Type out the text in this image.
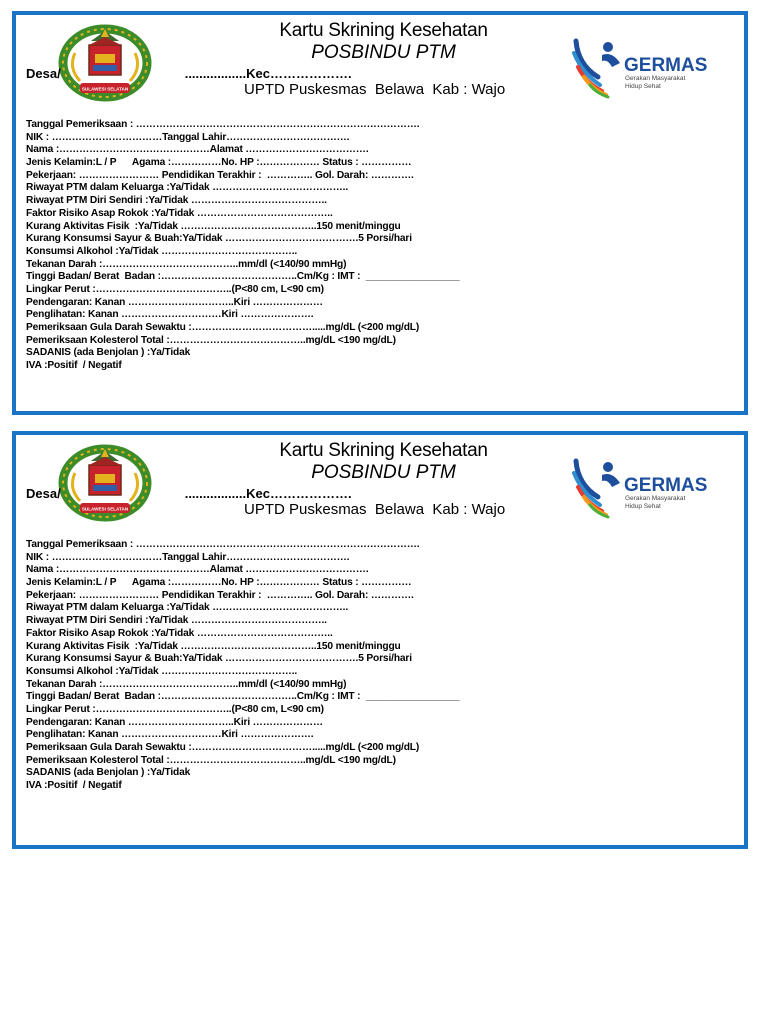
SULAWESI SELATAN
Kartu Skrining Kesehatan
POSBINDU PTM
GERMAS
Gerakan Masyarakat
Hidup Sehat
Desa/	.................Kec……………….
UPTD Puskesmas  Belawa  Kab : Wajo
Tanggal Pemeriksaan : ………………………………………………………………………….
NIK : ……………………………Tanggal Lahir……………………………….
Nama :………………………………………Alamat ……………………………….
Jenis Kelamin:L / P      Agama :……………No. HP :……………… Status : ……………
Pekerjaan: …………………… Pendidikan Terakhir :  ………….. Gol. Darah: ………….
Riwayat PTM dalam Keluarga :Ya/Tidak …………………………………..
Riwayat PTM Diri Sendiri :Ya/Tidak …………………………………..
Faktor Risiko Asap Rokok :Ya/Tidak …………………………………..
Kurang Aktivitas Fisik  :Ya/Tidak …………………………………..150 menit/minggu
Kurang Konsumsi Sayur & Buah:Ya/Tidak ………………………………….5 Porsi/hari
Konsumsi Alkohol :Ya/Tidak …………………………………..
Tekanan Darah :…………………………………..mm/dl (<140/90 mmHg)
Tinggi Badan/ Berat  Badan :…………………………………..Cm/Kg : IMT :  _________________
Lingkar Perut :…………………………………..(P<80 cm, L<90 cm)
Pendengaran: Kanan …………………………..Kiri …………………
Penglihatan: Kanan …………………………Kiri ………………….
Pemeriksaan Gula Darah Sewaktu :……………………………….....mg/dL (<200 mg/dL)
Pemeriksaan Kolesterol Total :…………………………………..mg/dL <190 mg/dL)
SADANIS (ada Benjolan ) :Ya/Tidak
IVA :Positif  / Negatif
SULAWESI SELATAN
Kartu Skrining Kesehatan
POSBINDU PTM
GERMAS
Gerakan Masyarakat
Hidup Sehat
Desa/	.................Kec……………….
UPTD Puskesmas  Belawa  Kab : Wajo
Tanggal Pemeriksaan : ………………………………………………………………………….
NIK : ……………………………Tanggal Lahir……………………………….
Nama :………………………………………Alamat ……………………………….
Jenis Kelamin:L / P      Agama :……………No. HP :……………… Status : ……………
Pekerjaan: …………………… Pendidikan Terakhir :  ………….. Gol. Darah: ………….
Riwayat PTM dalam Keluarga :Ya/Tidak …………………………………..
Riwayat PTM Diri Sendiri :Ya/Tidak …………………………………..
Faktor Risiko Asap Rokok :Ya/Tidak …………………………………..
Kurang Aktivitas Fisik  :Ya/Tidak …………………………………..150 menit/minggu
Kurang Konsumsi Sayur & Buah:Ya/Tidak ………………………………….5 Porsi/hari
Konsumsi Alkohol :Ya/Tidak …………………………………..
Tekanan Darah :…………………………………..mm/dl (<140/90 mmHg)
Tinggi Badan/ Berat  Badan :…………………………………..Cm/Kg : IMT :  _________________
Lingkar Perut :…………………………………..(P<80 cm, L<90 cm)
Pendengaran: Kanan …………………………..Kiri …………………
Penglihatan: Kanan …………………………Kiri ………………….
Pemeriksaan Gula Darah Sewaktu :……………………………….....mg/dL (<200 mg/dL)
Pemeriksaan Kolesterol Total :…………………………………..mg/dL <190 mg/dL)
SADANIS (ada Benjolan ) :Ya/Tidak
IVA :Positif  / Negatif
